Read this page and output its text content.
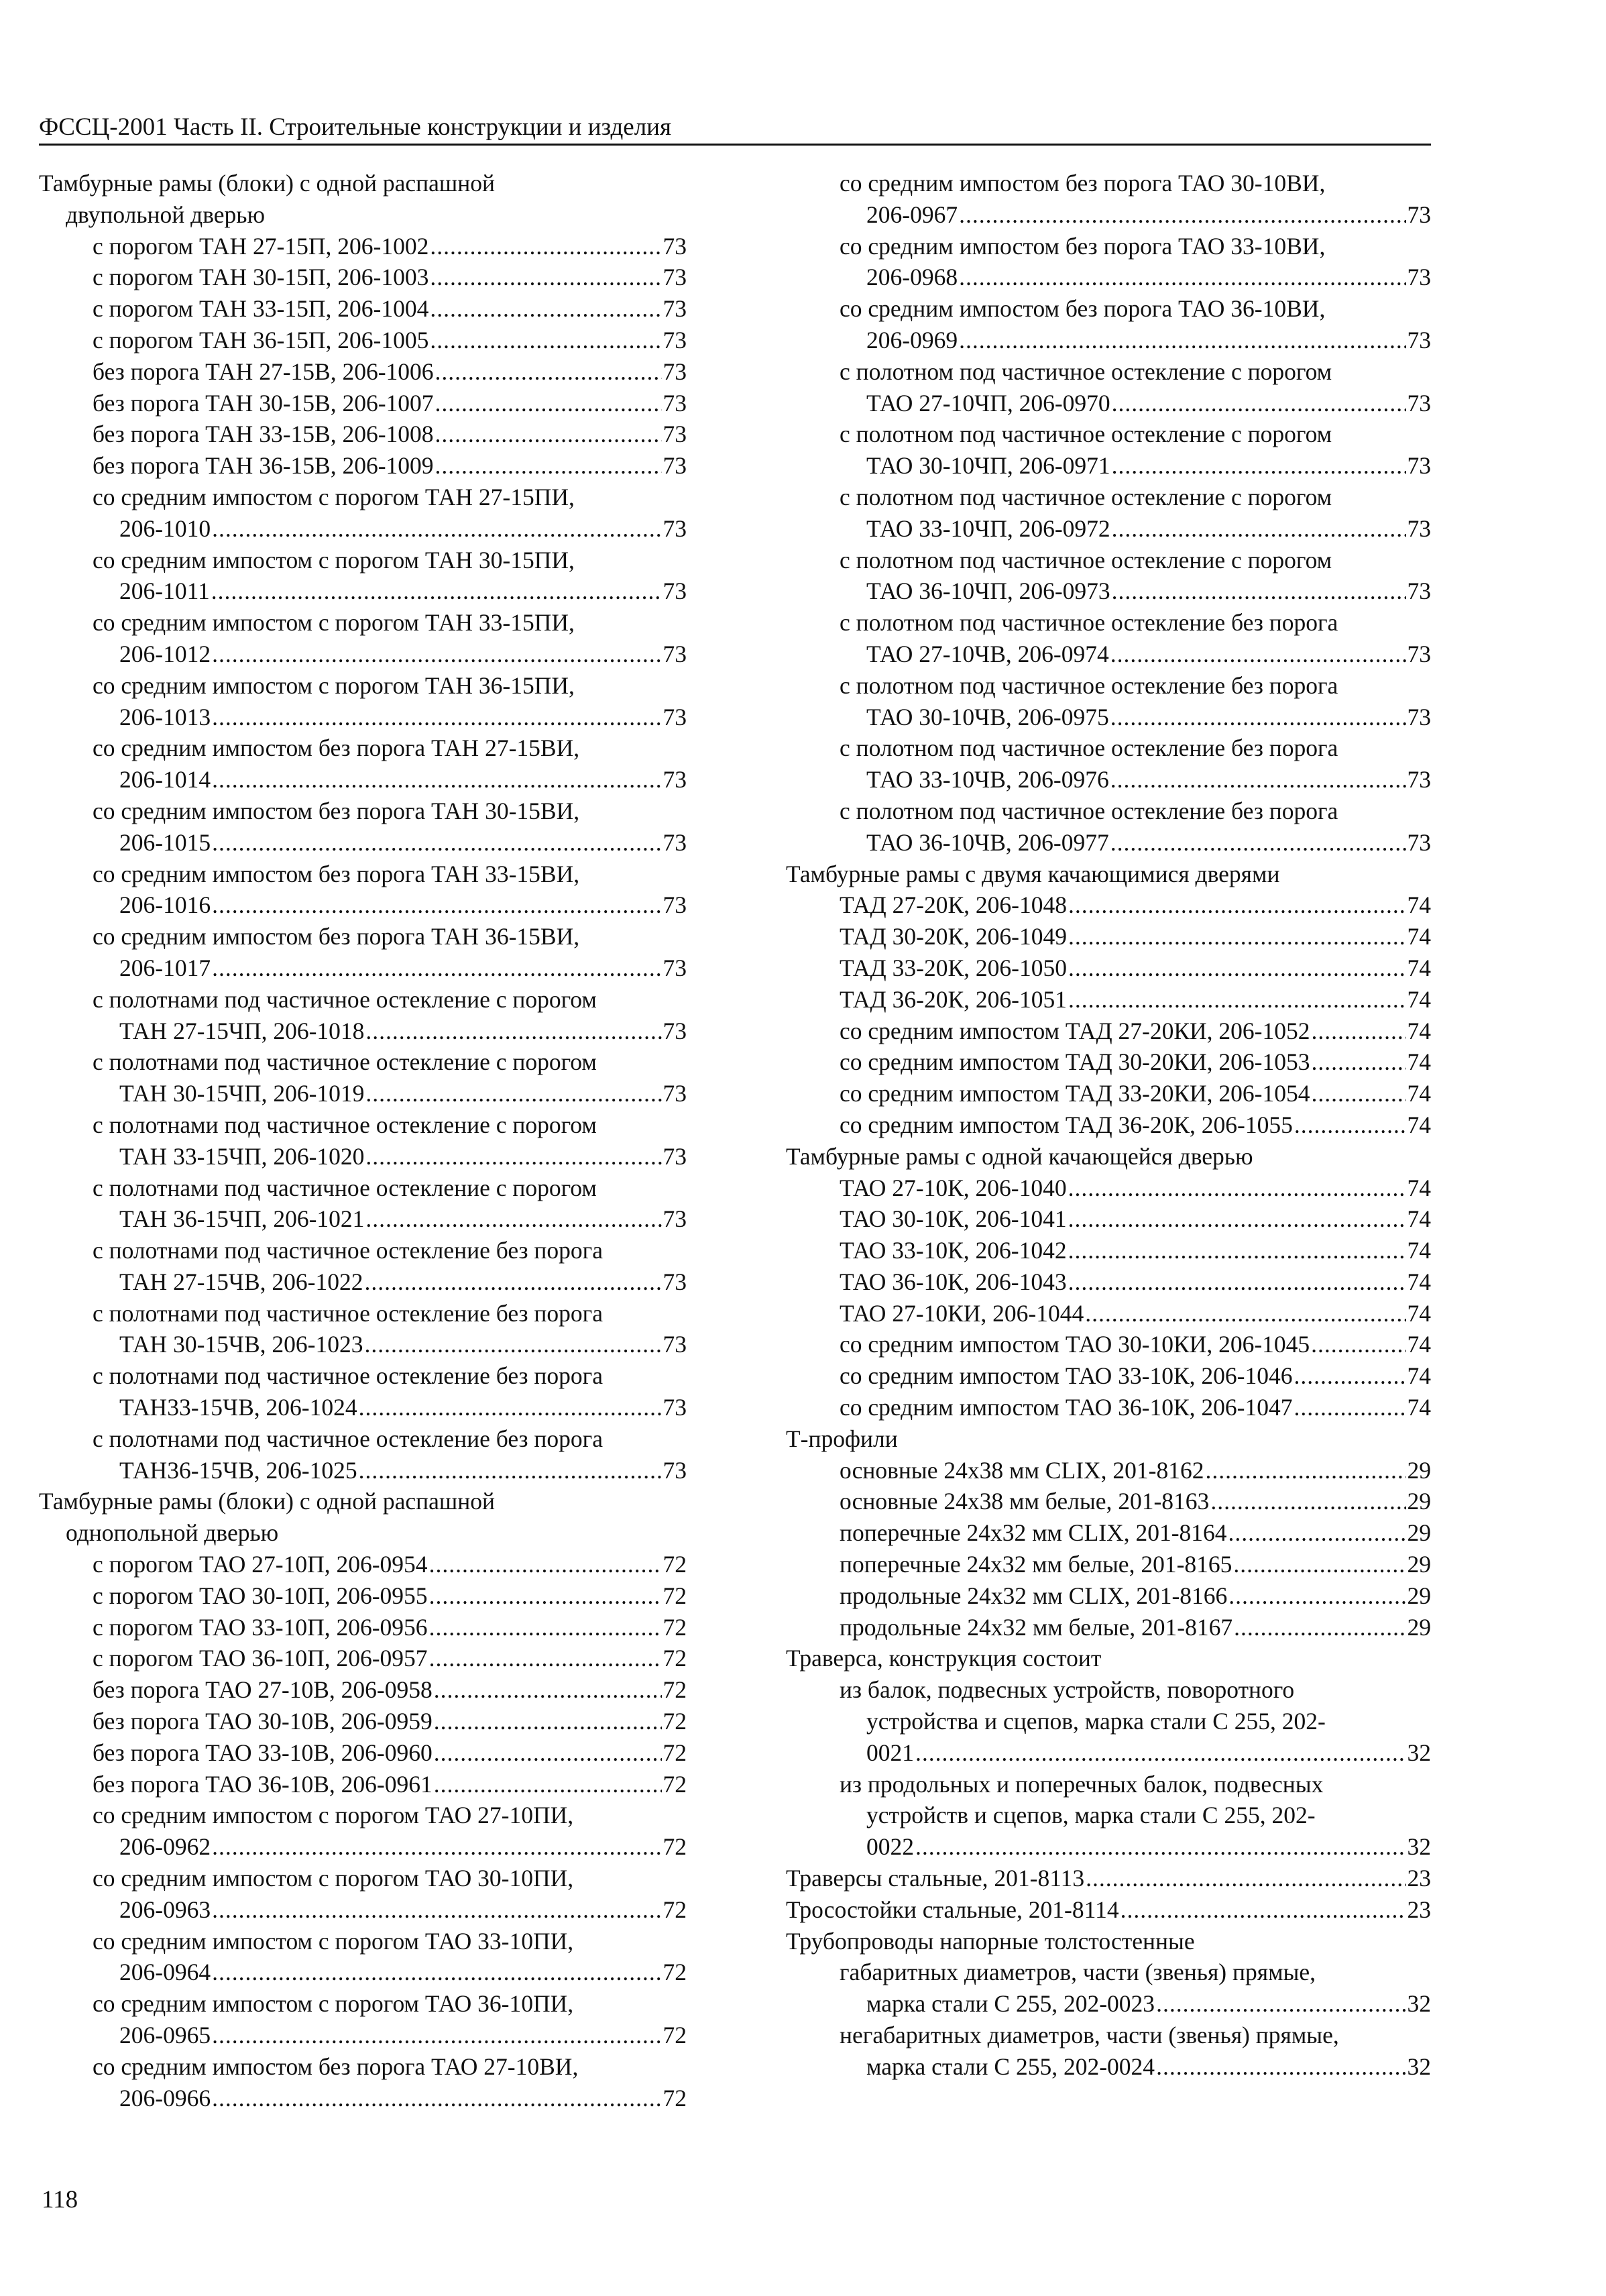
ФССЦ-2001 Часть II. Строительные конструкции и изделия
Тамбурные рамы (блоки) с одной распашной
двупольной дверью
с порогом ТАН 27-15П, 206-1002 .....	73
с порогом ТАН 30-15П, 206-1003 .....	73
с порогом ТАН 33-15П, 206-1004 .....	73
с порогом ТАН 36-15П, 206-1005 .....	73
без порога ТАН 27-15В, 206-1006 .....	73
без порога ТАН 30-15В, 206-1007 .....	73
без порога ТАН 33-15В, 206-1008 .....	73
без порога ТАН 36-15В, 206-1009 .....	73
со средним импостом с порогом ТАН 27-15ПИ,
206-1010 .....	73
со средним импостом с порогом ТАН 30-15ПИ,
206-1011 .....	73
со средним импостом с порогом ТАН 33-15ПИ,
206-1012 .....	73
со средним импостом с порогом ТАН 36-15ПИ,
206-1013 .....	73
со средним импостом без порога ТАН 27-15ВИ,
206-1014 .....	73
со средним импостом без порога ТАН 30-15ВИ,
206-1015 .....	73
со средним импостом без порога ТАН 33-15ВИ,
206-1016 .....	73
со средним импостом без порога ТАН 36-15ВИ,
206-1017 .....	73
с полотнами под частичное остекление с порогом
ТАН 27-15ЧП, 206-1018 .....	73
с полотнами под частичное остекление с порогом
ТАН 30-15ЧП, 206-1019 .....	73
с полотнами под частичное остекление с порогом
ТАН 33-15ЧП, 206-1020 .....	73
с полотнами под частичное остекление с порогом
ТАН 36-15ЧП, 206-1021 .....	73
с полотнами под частичное остекление без порога
ТАН 27-15ЧВ, 206-1022 .....	73
с полотнами под частичное остекление без порога
ТАН 30-15ЧВ, 206-1023 .....	73
с полотнами под частичное остекление без порога
ТАН33-15ЧВ, 206-1024 .....	73
с полотнами под частичное остекление без порога
ТАН36-15ЧВ, 206-1025 .....	73
Тамбурные рамы (блоки) с одной распашной
однопольной дверью
с порогом ТАО 27-10П, 206-0954 .....	72
с порогом ТАО 30-10П, 206-0955 .....	72
с порогом ТАО 33-10П, 206-0956 .....	72
с порогом ТАО 36-10П, 206-0957 .....	72
без порога ТАО 27-10В, 206-0958 .....	72
без порога ТАО 30-10В, 206-0959 .....	72
без порога ТАО 33-10В, 206-0960 .....	72
без порога ТАО 36-10В, 206-0961 .....	72
со средним импостом с порогом ТАО 27-10ПИ,
206-0962 .....	72
со средним импостом с порогом ТАО 30-10ПИ,
206-0963 .....	72
со средним импостом с порогом ТАО 33-10ПИ,
206-0964 .....	72
со средним импостом с порогом ТАО 36-10ПИ,
206-0965 .....	72
со средним импостом без порога ТАО 27-10ВИ,
206-0966 .....	72
со средним импостом без порога ТАО 30-10ВИ,
206-0967 .....	73
со средним импостом без порога ТАО 33-10ВИ,
206-0968 .....	73
со средним импостом без порога ТАО 36-10ВИ,
206-0969 .....	73
с полотном под частичное остекление с порогом
ТАО 27-10ЧП, 206-0970 .....	73
с полотном под частичное остекление с порогом
ТАО 30-10ЧП, 206-0971 .....	73
с полотном под частичное остекление с порогом
ТАО 33-10ЧП, 206-0972 .....	73
с полотном под частичное остекление с порогом
ТАО 36-10ЧП, 206-0973 .....	73
с полотном под частичное остекление без порога
ТАО 27-10ЧВ, 206-0974 .....	73
с полотном под частичное остекление без порога
ТАО 30-10ЧВ, 206-0975 .....	73
с полотном под частичное остекление без порога
ТАО 33-10ЧВ, 206-0976 .....	73
с полотном под частичное остекление без порога
ТАО 36-10ЧВ, 206-0977 .....	73
Тамбурные рамы с двумя качающимися дверями
ТАД 27-20К, 206-1048 .....	74
ТАД 30-20К, 206-1049 .....	74
ТАД 33-20К, 206-1050 .....	74
ТАД 36-20К, 206-1051 .....	74
со средним импостом ТАД 27-20КИ, 206-1052 .....	74
со средним импостом ТАД 30-20КИ, 206-1053 .....	74
со средним импостом ТАД 33-20КИ, 206-1054 .....	74
со средним импостом ТАД 36-20К, 206-1055 .....	74
Тамбурные рамы с одной качающейся дверью
ТАО 27-10К, 206-1040 .....	74
ТАО 30-10К, 206-1041 .....	74
ТАО 33-10К, 206-1042 .....	74
ТАО 36-10К, 206-1043 .....	74
ТАО 27-10КИ, 206-1044 .....	74
со средним импостом ТАО 30-10КИ, 206-1045 .....	74
со средним импостом ТАО 33-10К, 206-1046 .....	74
со средним импостом ТАО 36-10К, 206-1047 .....	74
Т-профили
основные 24x38 мм CLIX, 201-8162 .....	29
основные 24x38 мм белые, 201-8163 .....	29
поперечные 24x32 мм CLIX, 201-8164 .....	29
поперечные 24x32 мм белые, 201-8165 .....	29
продольные 24x32 мм CLIX, 201-8166 .....	29
продольные 24x32 мм белые, 201-8167 .....	29
Траверса, конструкция состоит
из балок, подвесных устройств, поворотного
устройства и сцепов, марка стали С 255, 202-
0021 .....	32
из продольных и поперечных балок, подвесных
устройств и сцепов, марка стали С 255, 202-
0022 .....	32
Траверсы стальные, 201-8113 .....	23
Тросостойки стальные, 201-8114 .....	23
Трубопроводы напорные толстостенные
габаритных диаметров, части (звенья) прямые,
марка стали С 255, 202-0023 .....	32
негабаритных диаметров, части (звенья) прямые,
марка стали С 255, 202-0024 .....	32
118
